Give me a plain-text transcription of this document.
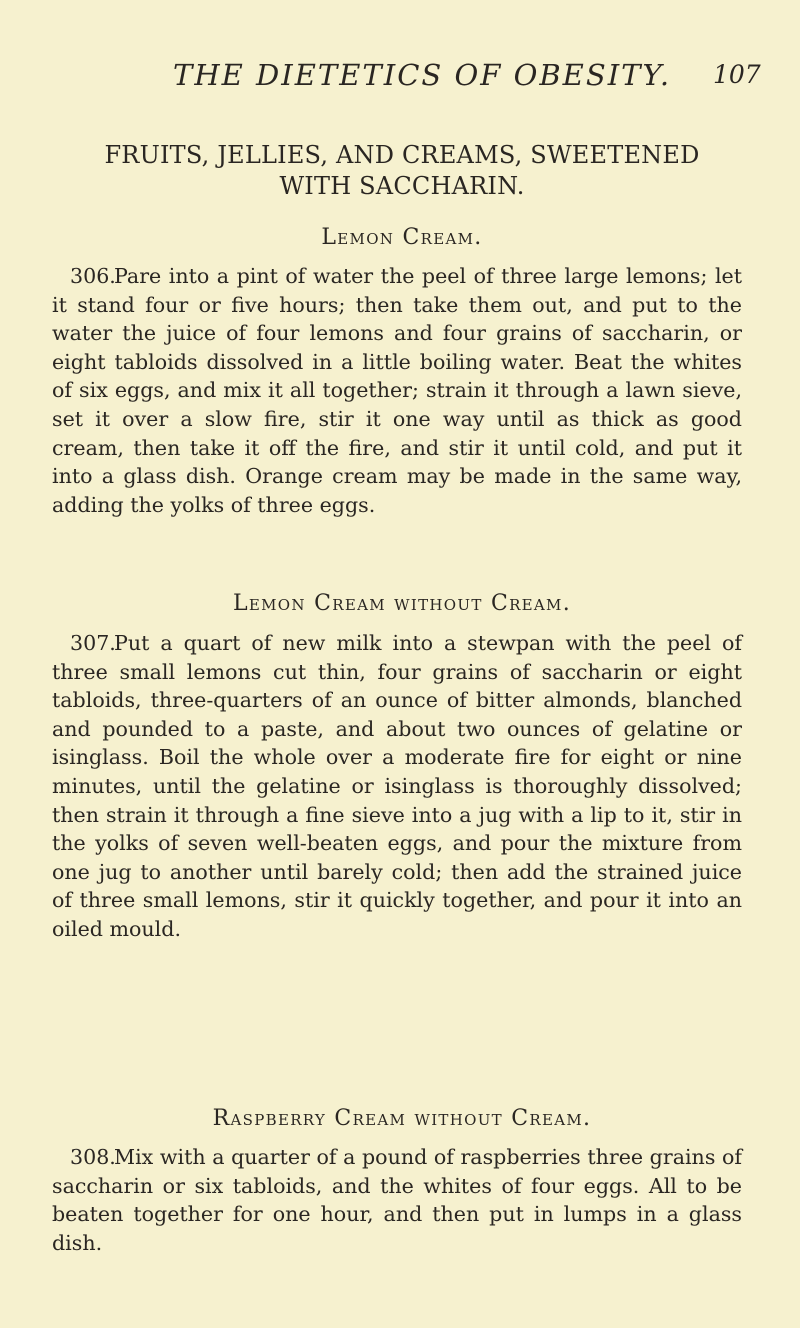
THE DIETETICS OF OBESITY. 107
FRUITS, JELLIES, AND CREAMS, SWEETENED
WITH SACCHARIN.
Lemon Cream.

306.Pare into a pint of water the peel of three large lemons; let it stand four or five hours; then take them out, and put to the water the juice of four lemons and four grains of saccharin, or eight tabloids dissolved in a little boiling water. Beat the whites of six eggs, and mix it all together; strain it through a lawn sieve, set it over a slow fire, stir it one way until as thick as good cream, then take it off the fire, and stir it until cold, and put it into a glass dish. Orange cream may be made in the same way, adding the yolks of three eggs.

Lemon Cream without Cream.

307.Put a quart of new milk into a stewpan with the peel of three small lemons cut thin, four grains of saccharin or eight tabloids, three-quarters of an ounce of bitter almonds, blanched and pounded to a paste, and about two ounces of gelatine or isinglass. Boil the whole over a moderate fire for eight or nine minutes, until the gelatine or isinglass is thoroughly dissolved; then strain it through a fine sieve into a jug with a lip to it, stir in the yolks of seven well-beaten eggs, and pour the mixture from one jug to another until barely cold; then add the strained juice of three small lemons, stir it quickly together, and pour it into an oiled mould.

Raspberry Cream without Cream.

308.Mix with a quarter of a pound of raspberries three grains of saccharin or six tabloids, and the whites of four eggs. All to be beaten together for one hour, and then put in lumps in a glass dish.
